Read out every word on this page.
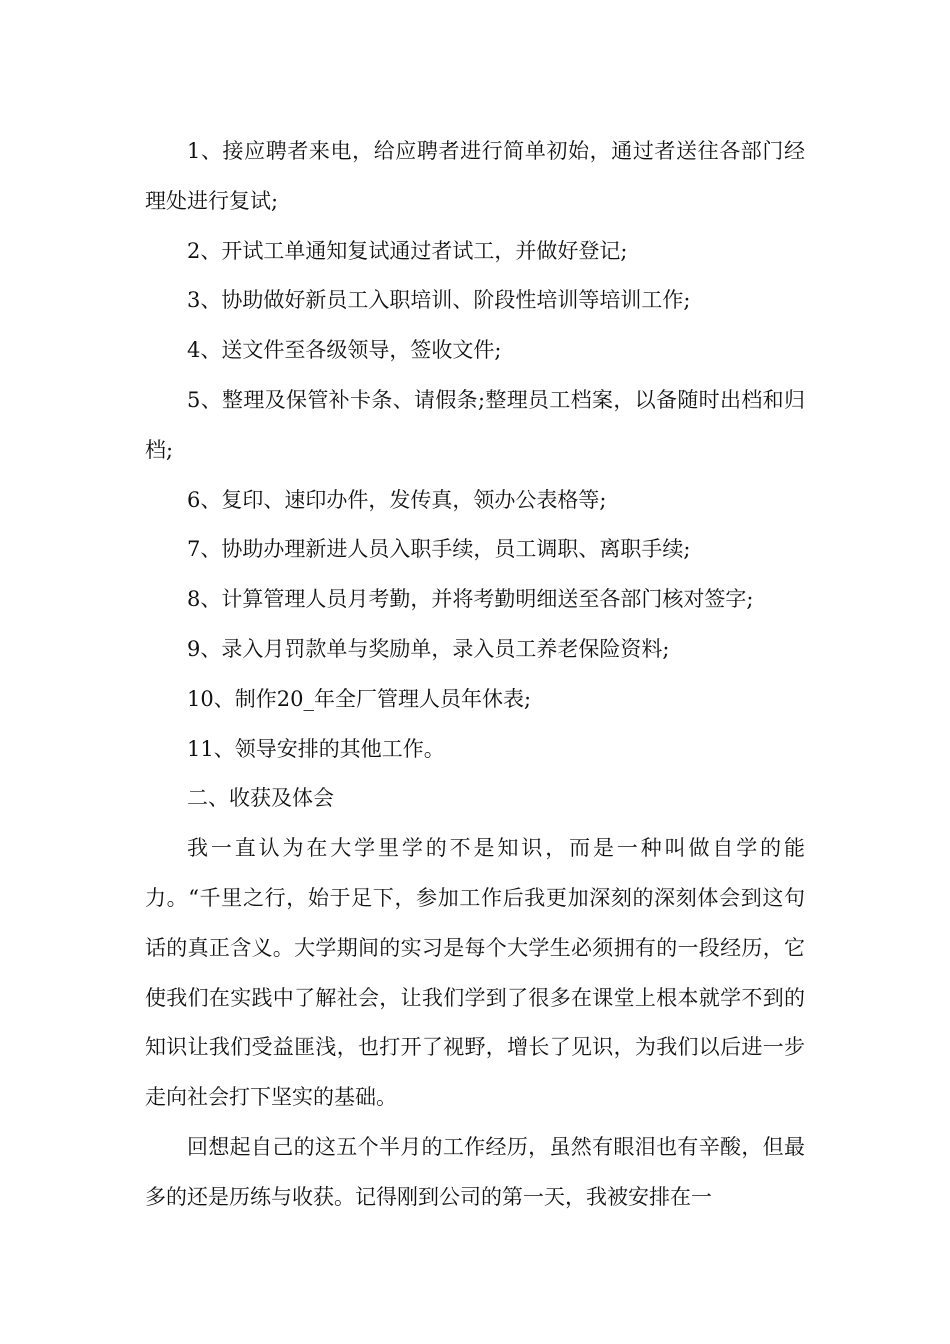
1、接应聘者来电，给应聘者进行简单初始，通过者送往各部门经理处进行复试;

2、开试工单通知复试通过者试工，并做好登记;

3、协助做好新员工入职培训、阶段性培训等培训工作;

4、送文件至各级领导，签收文件;

5、整理及保管补卡条、请假条;整理员工档案，以备随时出档和归档;

6、复印、速印办件，发传真，领办公表格等;

7、协助办理新进人员入职手续，员工调职、离职手续;

8、计算管理人员月考勤，并将考勤明细送至各部门核对签字;

9、录入月罚款单与奖励单，录入员工养老保险资料;

10、制作20_年全厂管理人员年休表;

11、领导安排的其他工作。

二、收获及体会

我一直认为在大学里学的不是知识，而是一种叫做自学的能力。“千里之行，始于足下，参加工作后我更加深刻的深刻体会到这句话的真正含义。大学期间的实习是每个大学生必须拥有的一段经历，它使我们在实践中了解社会，让我们学到了很多在课堂上根本就学不到的知识让我们受益匪浅，也打开了视野，增长了见识，为我们以后进一步走向社会打下坚实的基础。

回想起自己的这五个半月的工作经历，虽然有眼泪也有辛酸，但最多的还是历练与收获。记得刚到公司的第一天，我被安排在一
